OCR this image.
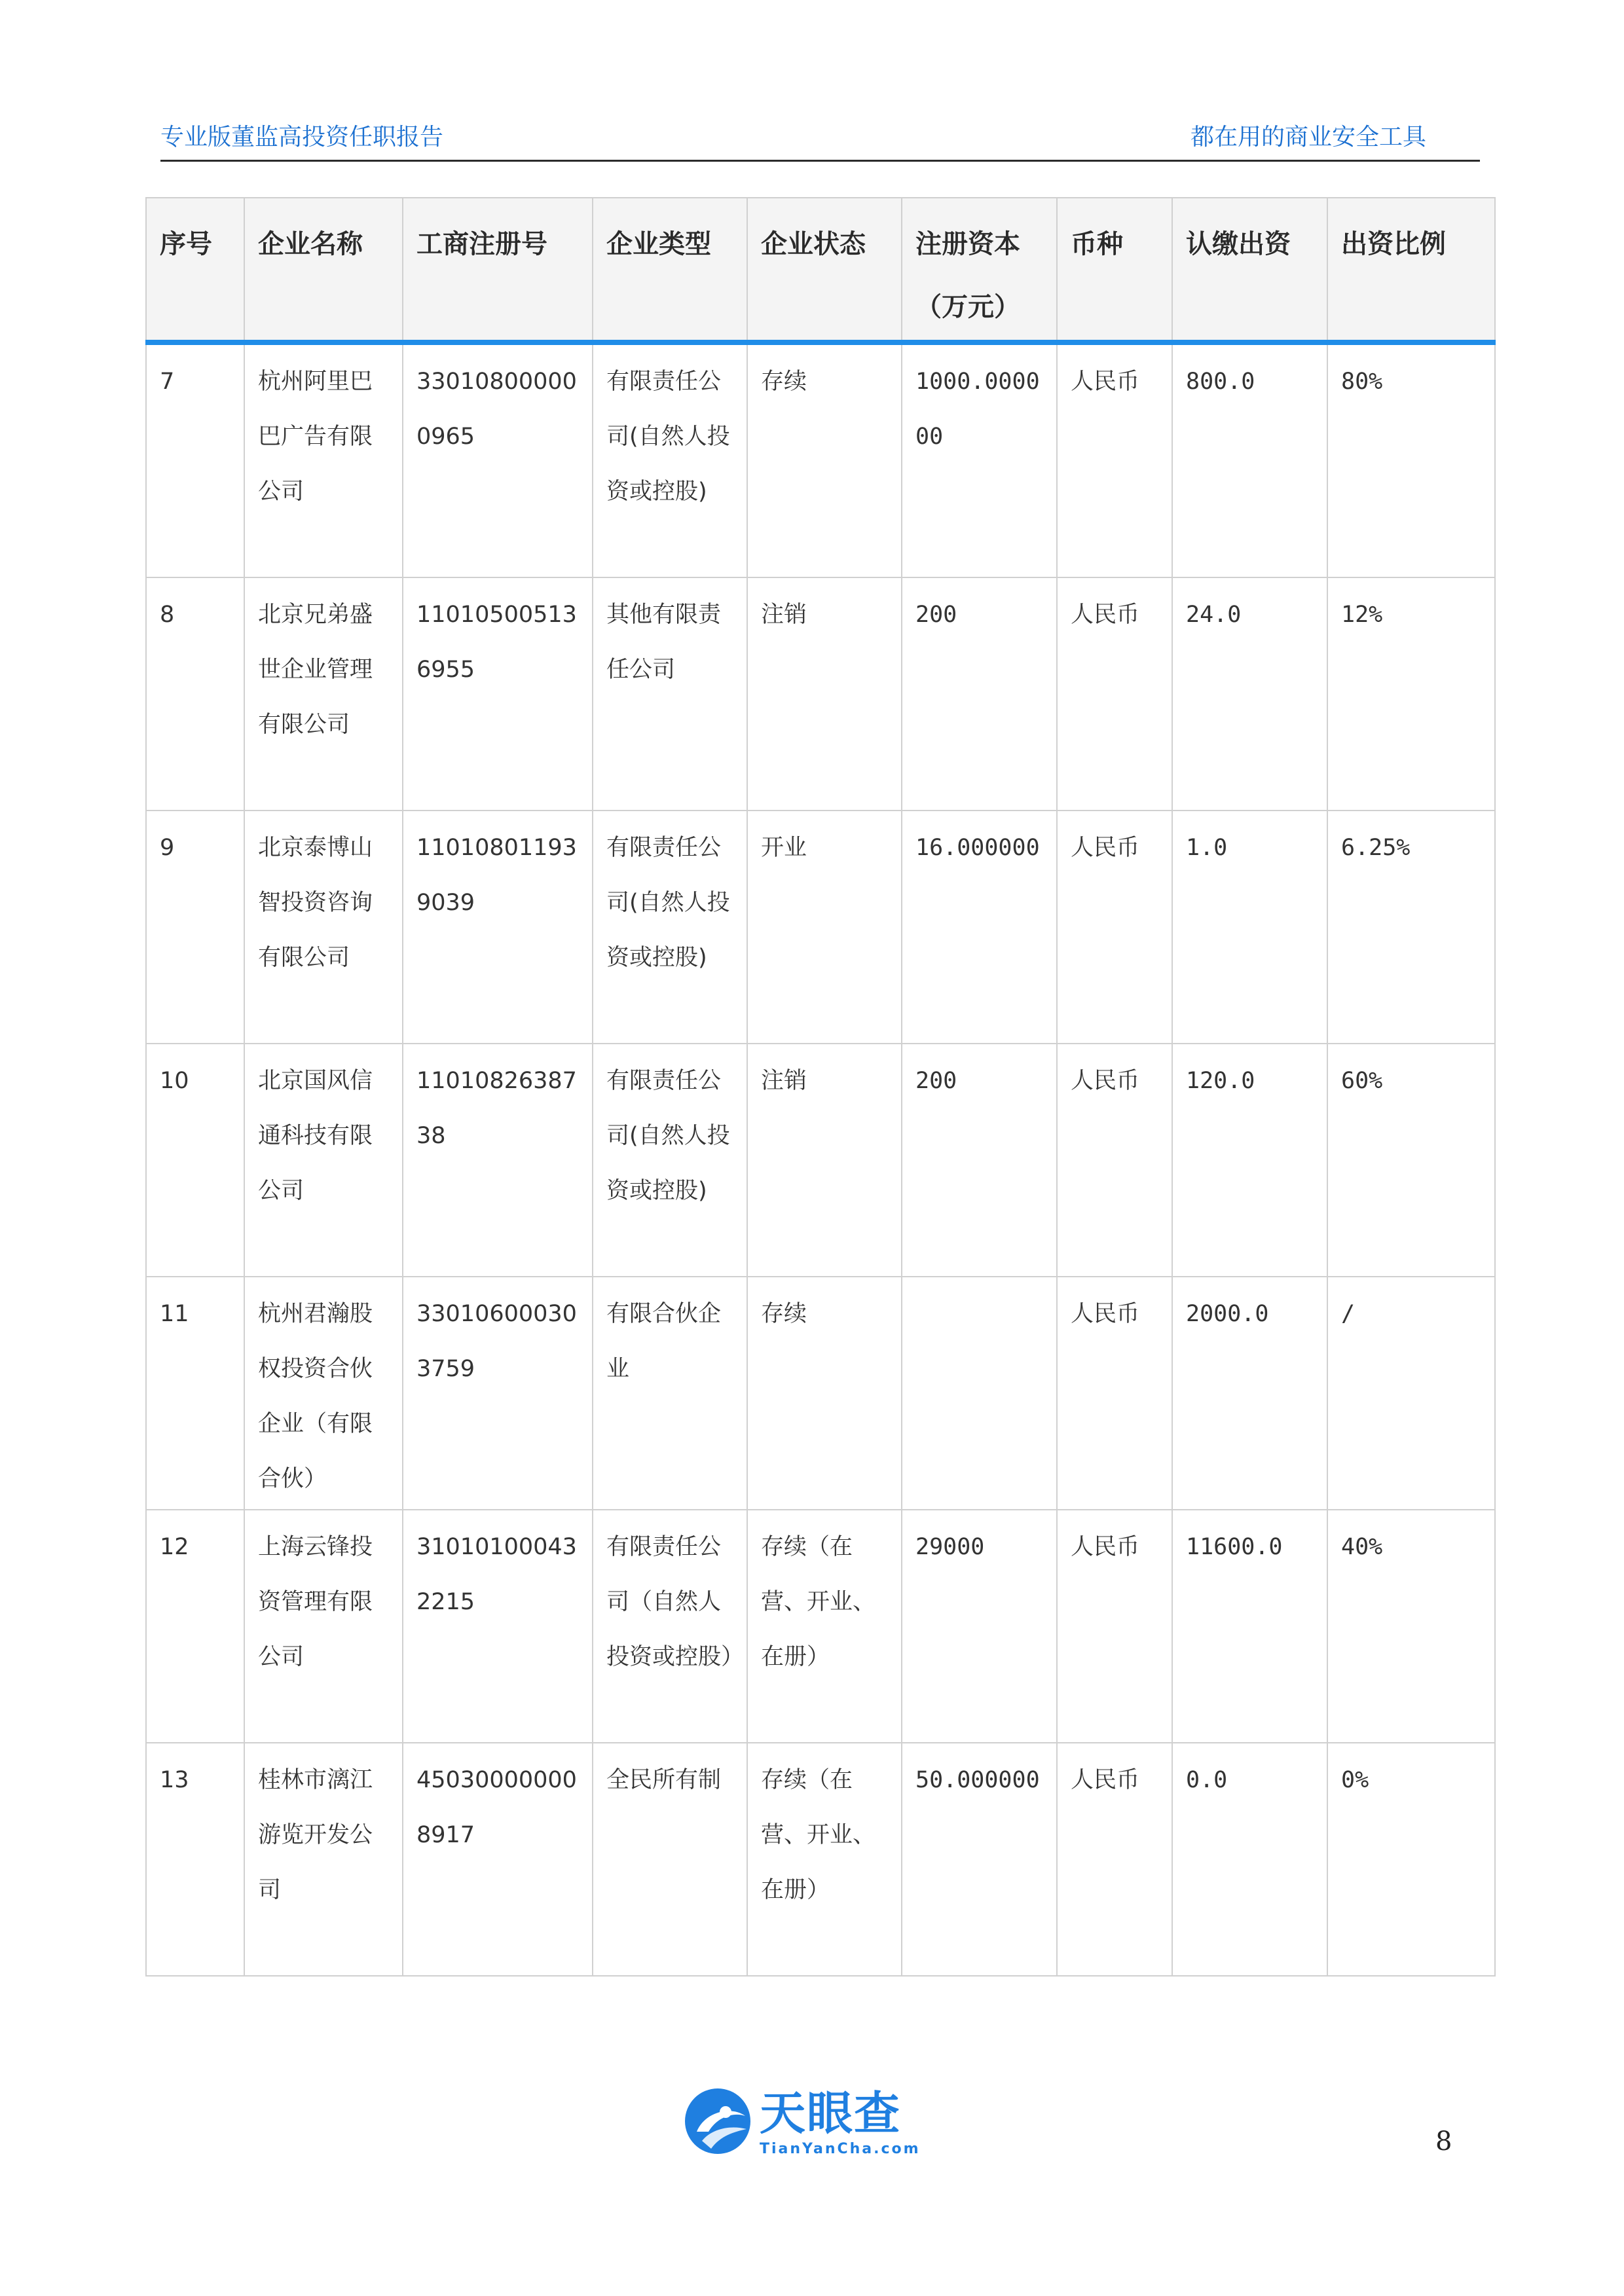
专业版董监高投资任职报告	都在用的商业安全工具
序号	企业名称	工商注册号	企业类型	企业状态	注册资本（万元）	币种	认缴出资	出资比例
7	杭州阿里巴巴广告有限公司	330108000000965	有限责任公司(自然人投资或控股)	存续	1000.000000	人民币	800.0	80%
8	北京兄弟盛世企业管理有限公司	110105005136955	其他有限责任公司	注销	200	人民币	24.0	12%
9	北京泰博山智投资咨询有限公司	110108011939039	有限责任公司(自然人投资或控股)	开业	16.000000	人民币	1.0	6.25%
10	北京国风信通科技有限公司	1101082638738	有限责任公司(自然人投资或控股)	注销	200	人民币	120.0	60%
11	杭州君瀚股权投资合伙企业（有限合伙）	330106000303759	有限合伙企业	存续		人民币	2000.0	/
12	上海云锋投资管理有限公司	310101000432215	有限责任公司（自然人投资或控股）	存续（在营、开业、在册）	29000	人民币	11600.0	40%
13	桂林市漓江游览开发公司	450300000008917	全民所有制	存续（在营、开业、在册）	50.000000	人民币	0.0	0%
天眼查
TianYanCha.com	8
